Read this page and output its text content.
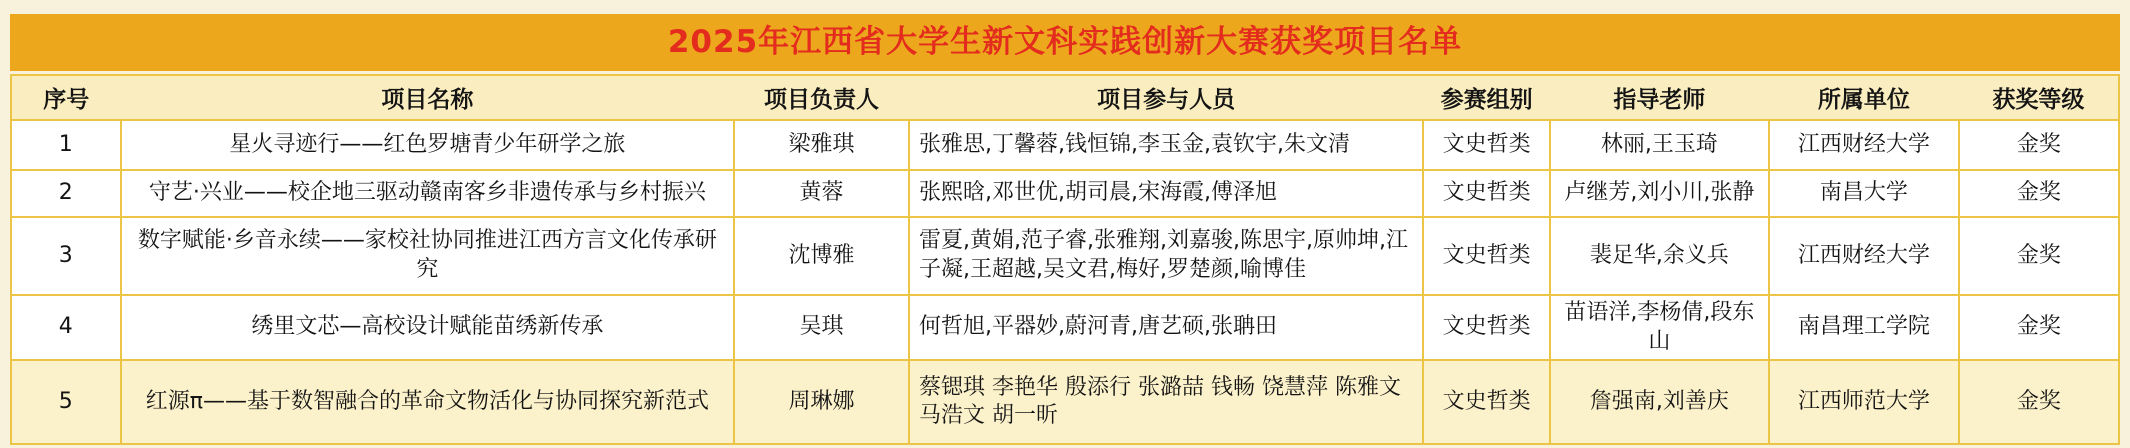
2025年江西省大学生新文科实践创新大赛获奖项目名单
序号	项目名称	项目负责人	项目参与人员	参赛组别	指导老师	所属单位	获奖等级
1	星火寻迹行——红色罗塘青少年研学之旅	梁雅琪	张雅思,丁馨蓉,钱恒锦,李玉金,袁钦宇,朱文清	文史哲类	林丽,王玉琦	江西财经大学	金奖
2	守艺·兴业——校企地三驱动赣南客乡非遗传承与乡村振兴	黄蓉	张熙晗,邓世优,胡司晨,宋海霞,傅泽旭	文史哲类	卢继芳,刘小川,张静	南昌大学	金奖
3	数字赋能·乡音永续——家校社协同推进江西方言文化传承研究	沈博雅	雷夏,黄娟,范子睿,张雅翔,刘嘉骏,陈思宇,原帅坤,江子凝,王超越,吴文君,梅好,罗楚颜,喻博佳	文史哲类	裴足华,余义兵	江西财经大学	金奖
4	绣里文芯—高校设计赋能苗绣新传承	吴琪	何哲旭,平器妙,蔚河青,唐艺硕,张聃田	文史哲类	苗语洋,李杨倩,段东山	南昌理工学院	金奖
5	红源π——基于数智融合的革命文物活化与协同探究新范式	周琳娜	蔡锶琪 李艳华 殷添行 张潞喆 钱畅 饶慧萍 陈雅文 马浩文 胡一昕	文史哲类	詹强南,刘善庆	江西师范大学	金奖
